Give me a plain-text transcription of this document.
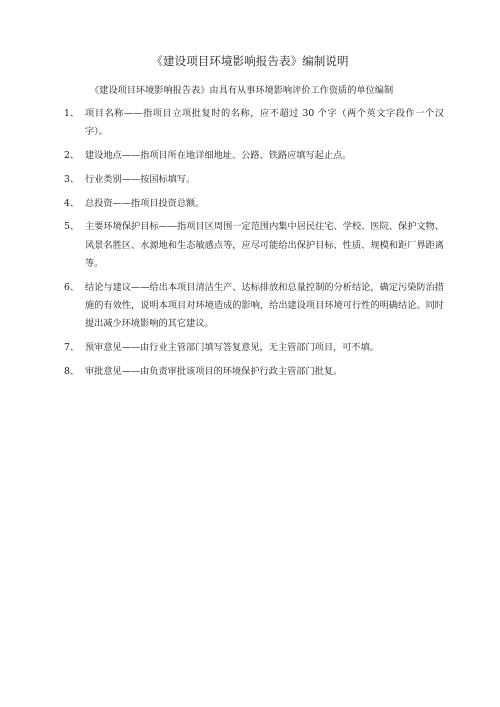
《建设项目环境影响报告表》编制说明
《建设项目环境影响报告表》由具有从事环境影响评价工作资质的单位编制
1、 项目名称——指项目立项批复时的名称，应不超过 30 个字（两个英文字段作一个汉字）。
2、 建设地点——指项目所在地详细地址、公路、铁路应填写起止点。
3、 行业类别——按国标填写。
4、 总投资——指项目投资总额。
5、 主要环境保护目标——指项目区周围一定范围内集中居民住宅、学校、医院、保护文物、风景名胜区、水源地和生态敏感点等，应尽可能给出保护目标、性质、规模和距厂界距离等。
6、 结论与建议——给出本项目清洁生产、达标排放和总量控制的分析结论，确定污染防治措施的有效性，说明本项目对环境造成的影响，给出建设项目环境可行性的明确结论。同时提出减少环境影响的其它建议。
7、 预审意见——由行业主管部门填写答复意见，无主管部门项目，可不填。
8、 审批意见——由负责审批该项目的环境保护行政主管部门批复。
